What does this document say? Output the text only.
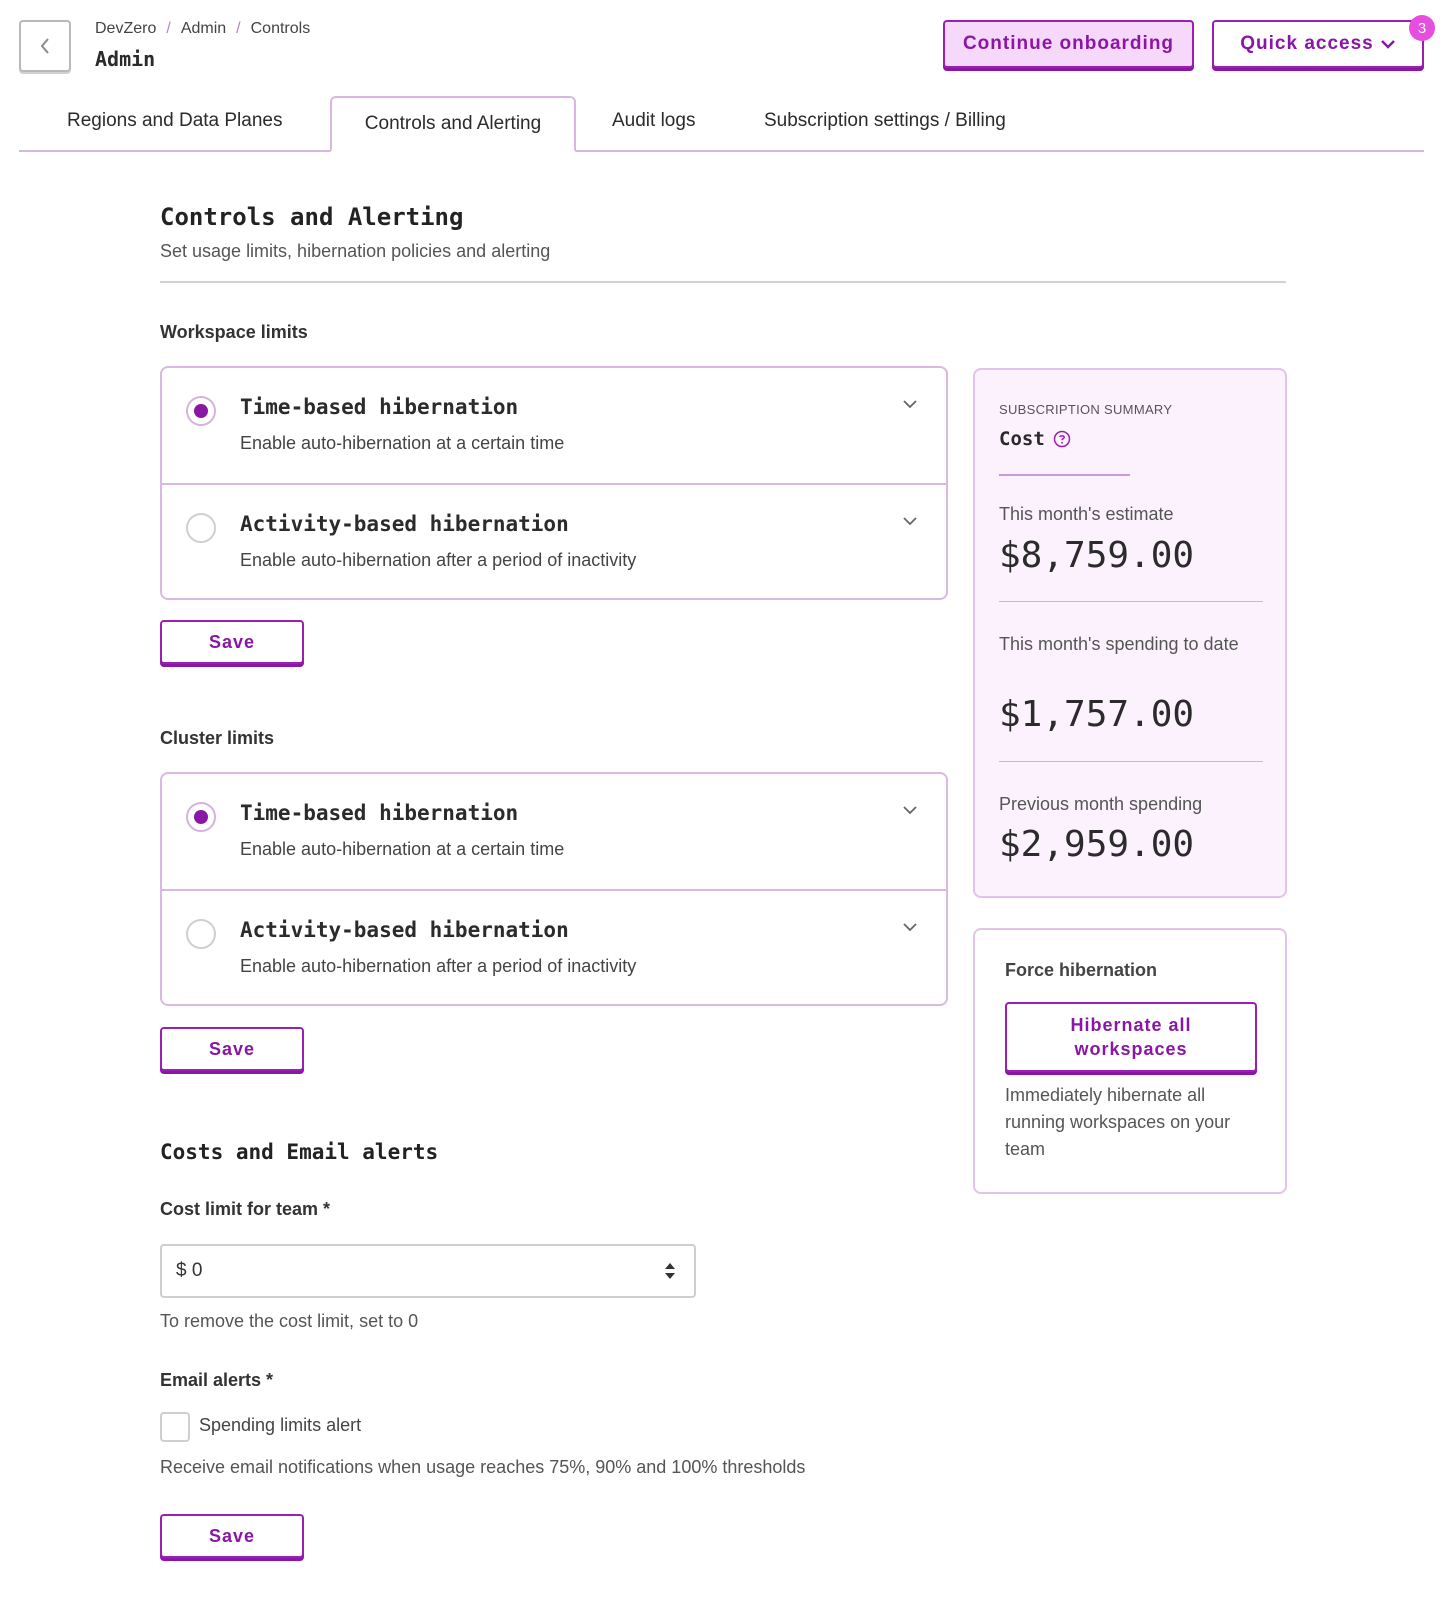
DevZero / Admin / Controls
Admin
Continue onboarding	Quick access
3
Regions and Data Planes	Controls and Alerting	Audit logs	Subscription settings / Billing
Controls and Alerting
Set usage limits, hibernation policies and alerting
Workspace limits
Time-based hibernation
Enable auto-hibernation at a certain time
Activity-based hibernation
Enable auto-hibernation after a period of inactivity
Save
Cluster limits
Time-based hibernation
Enable auto-hibernation at a certain time
Activity-based hibernation
Enable auto-hibernation after a period of inactivity
Save
Costs and Email alerts
Cost limit for team *
$ 0
To remove the cost limit, set to 0
Email alerts *
Spending limits alert
Receive email notifications when usage reaches 75%, 90% and 100% thresholds
Save
SUBSCRIPTION SUMMARY
Cost
This month's estimate
$8,759.00
This month's spending to date
$1,757.00
Previous month spending
$2,959.00
Force hibernation
Hibernate all workspaces
Immediately hibernate all running workspaces on your team
